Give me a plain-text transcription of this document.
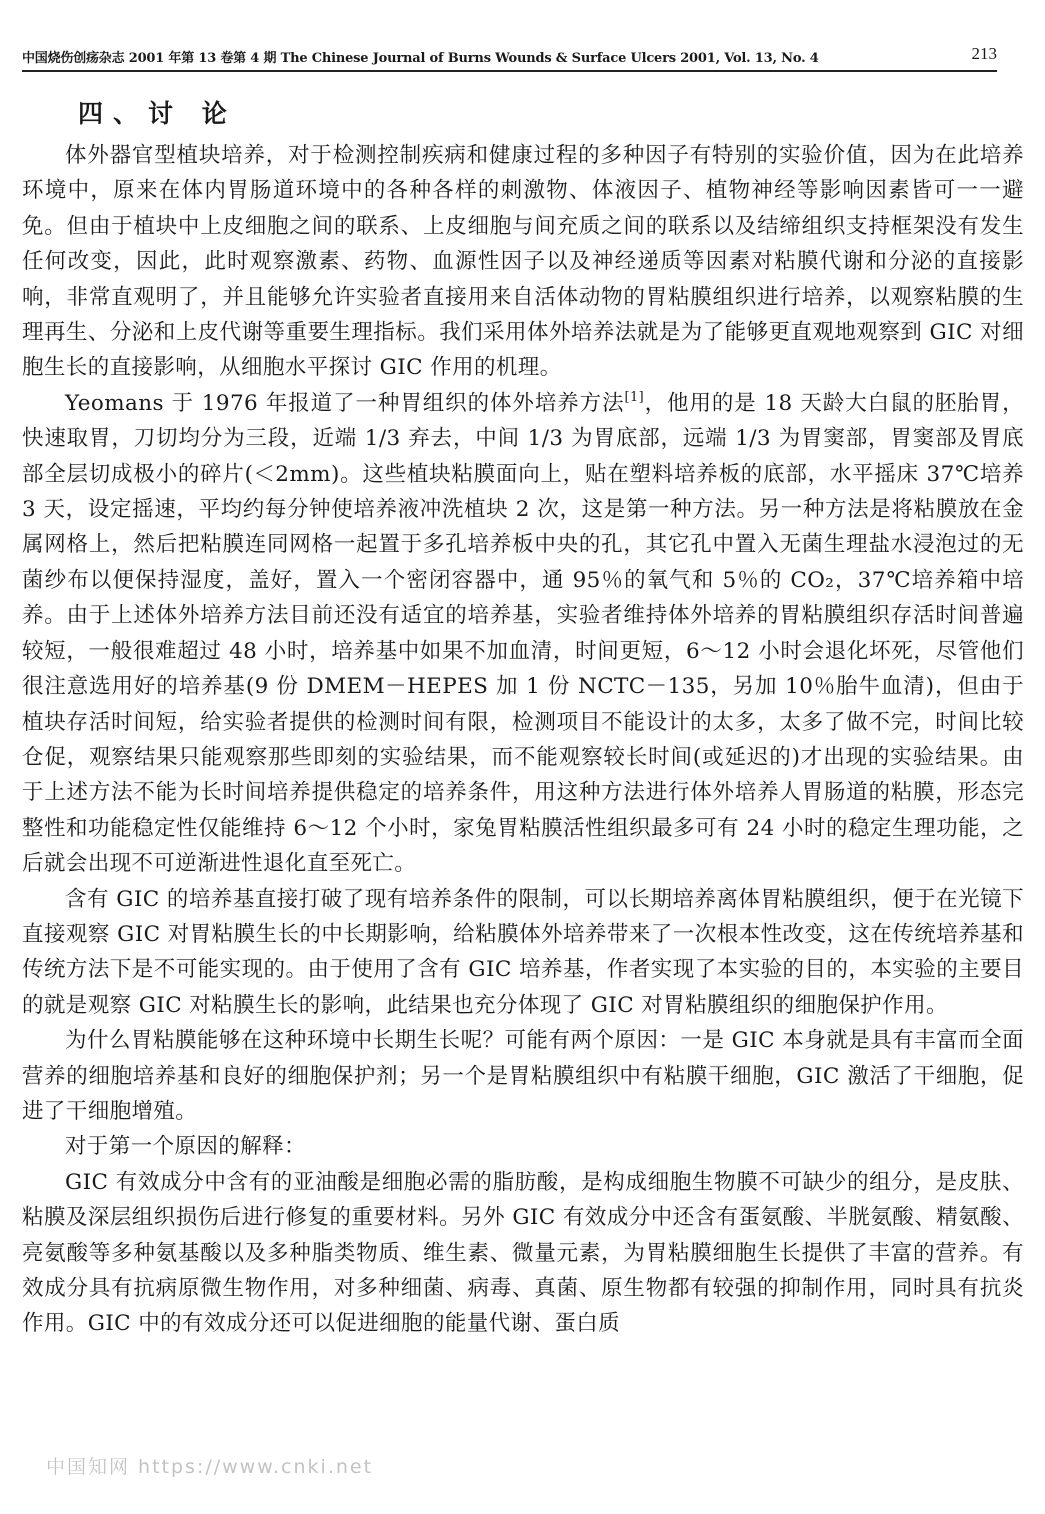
中国烧伤创疡杂志 2001 年第 13 卷第 4 期 The Chinese Journal of Burns Wounds & Surface Ulcers 2001, Vol. 13, No. 4	213
四、讨 论

体外器官型植块培养，对于检测控制疾病和健康过程的多种因子有特别的实验价值，因为在此培养环境中，原来在体内胃肠道环境中的各种各样的刺激物、体液因子、植物神经等影响因素皆可一一避免。但由于植块中上皮细胞之间的联系、上皮细胞与间充质之间的联系以及结缔组织支持框架没有发生任何改变，因此，此时观察激素、药物、血源性因子以及神经递质等因素对粘膜代谢和分泌的直接影响，非常直观明了，并且能够允许实验者直接用来自活体动物的胃粘膜组织进行培养，以观察粘膜的生理再生、分泌和上皮代谢等重要生理指标。我们采用体外培养法就是为了能够更直观地观察到 GIC 对细胞生长的直接影响，从细胞水平探讨 GIC 作用的机理。

Yeomans 于 1976 年报道了一种胃组织的体外培养方法[1]，他用的是 18 天龄大白鼠的胚胎胃，快速取胃，刀切均分为三段，近端 1/3 弃去，中间 1/3 为胃底部，远端 1/3 为胃窦部，胃窦部及胃底部全层切成极小的碎片(＜2mm)。这些植块粘膜面向上，贴在塑料培养板的底部，水平摇床 37℃培养 3 天，设定摇速，平均约每分钟使培养液冲洗植块 2 次，这是第一种方法。另一种方法是将粘膜放在金属网格上，然后把粘膜连同网格一起置于多孔培养板中央的孔，其它孔中置入无菌生理盐水浸泡过的无菌纱布以便保持湿度，盖好，置入一个密闭容器中，通 95％的氧气和 5％的 CO₂，37℃培养箱中培养。由于上述体外培养方法目前还没有适宜的培养基，实验者维持体外培养的胃粘膜组织存活时间普遍较短，一般很难超过 48 小时，培养基中如果不加血清，时间更短，6～12 小时会退化坏死，尽管他们很注意选用好的培养基(9 份 DMEM－HEPES 加 1 份 NCTC－135，另加 10％胎牛血清)，但由于植块存活时间短，给实验者提供的检测时间有限，检测项目不能设计的太多，太多了做不完，时间比较仓促，观察结果只能观察那些即刻的实验结果，而不能观察较长时间(或延迟的)才出现的实验结果。由于上述方法不能为长时间培养提供稳定的培养条件，用这种方法进行体外培养人胃肠道的粘膜，形态完整性和功能稳定性仅能维持 6～12 个小时，家兔胃粘膜活性组织最多可有 24 小时的稳定生理功能，之后就会出现不可逆渐进性退化直至死亡。

含有 GIC 的培养基直接打破了现有培养条件的限制，可以长期培养离体胃粘膜组织，便于在光镜下直接观察 GIC 对胃粘膜生长的中长期影响，给粘膜体外培养带来了一次根本性改变，这在传统培养基和传统方法下是不可能实现的。由于使用了含有 GIC 培养基，作者实现了本实验的目的，本实验的主要目的就是观察 GIC 对粘膜生长的影响，此结果也充分体现了 GIC 对胃粘膜组织的细胞保护作用。

为什么胃粘膜能够在这种环境中长期生长呢？可能有两个原因：一是 GIC 本身就是具有丰富而全面营养的细胞培养基和良好的细胞保护剂；另一个是胃粘膜组织中有粘膜干细胞，GIC 激活了干细胞，促进了干细胞增殖。

对于第一个原因的解释：

GIC 有效成分中含有的亚油酸是细胞必需的脂肪酸，是构成细胞生物膜不可缺少的组分，是皮肤、粘膜及深层组织损伤后进行修复的重要材料。另外 GIC 有效成分中还含有蛋氨酸、半胱氨酸、精氨酸、亮氨酸等多种氨基酸以及多种脂类物质、维生素、微量元素，为胃粘膜细胞生长提供了丰富的营养。有效成分具有抗病原微生物作用，对多种细菌、病毒、真菌、原生物都有较强的抑制作用，同时具有抗炎作用。GIC 中的有效成分还可以促进细胞的能量代谢、蛋白质

中国知网 https://www.cnki.net
